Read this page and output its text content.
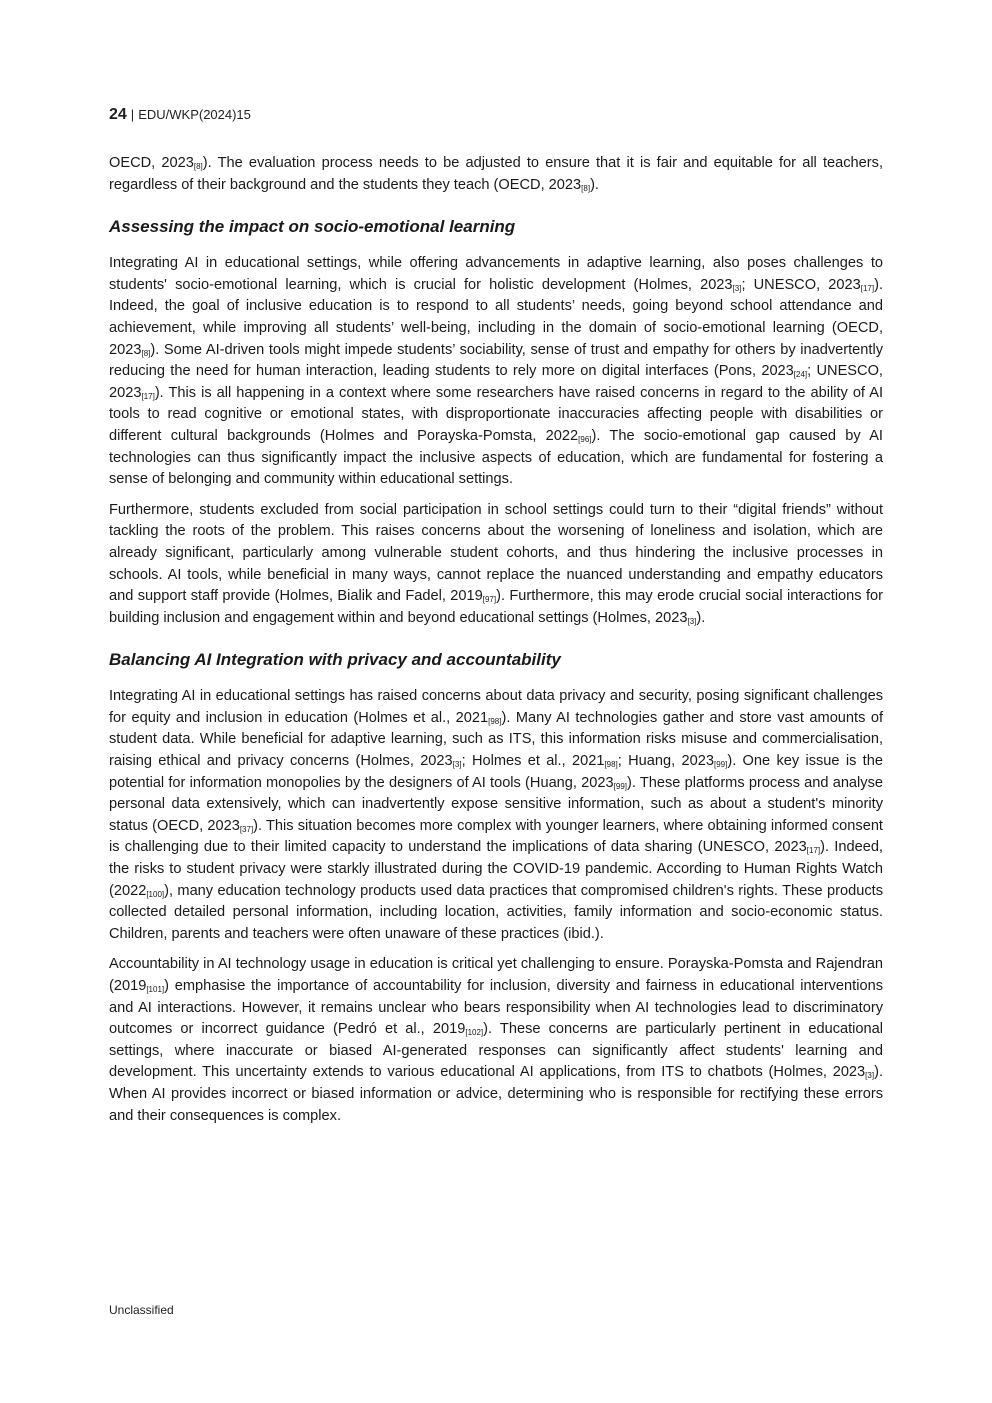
24 | EDU/WKP(2024)15

OECD, 2023[8]). The evaluation process needs to be adjusted to ensure that it is fair and equitable for all teachers, regardless of their background and the students they teach (OECD, 2023[8]).

Assessing the impact on socio-emotional learning

Integrating AI in educational settings, while offering advancements in adaptive learning, also poses challenges to students' socio-emotional learning, which is crucial for holistic development (Holmes, 2023[3]; UNESCO, 2023[17]). Indeed, the goal of inclusive education is to respond to all students’ needs, going beyond school attendance and achievement, while improving all students’ well-being, including in the domain of socio-emotional learning (OECD, 2023[8]). Some AI-driven tools might impede students’ sociability, sense of trust and empathy for others by inadvertently reducing the need for human interaction, leading students to rely more on digital interfaces (Pons, 2023[24]; UNESCO, 2023[17]). This is all happening in a context where some researchers have raised concerns in regard to the ability of AI tools to read cognitive or emotional states, with disproportionate inaccuracies affecting people with disabilities or different cultural backgrounds (Holmes and Porayska-Pomsta, 2022[96]). The socio-emotional gap caused by AI technologies can thus significantly impact the inclusive aspects of education, which are fundamental for fostering a sense of belonging and community within educational settings.

Furthermore, students excluded from social participation in school settings could turn to their “digital friends” without tackling the roots of the problem. This raises concerns about the worsening of loneliness and isolation, which are already significant, particularly among vulnerable student cohorts, and thus hindering the inclusive processes in schools. AI tools, while beneficial in many ways, cannot replace the nuanced understanding and empathy educators and support staff provide (Holmes, Bialik and Fadel, 2019[97]). Furthermore, this may erode crucial social interactions for building inclusion and engagement within and beyond educational settings (Holmes, 2023[3]).

Balancing AI Integration with privacy and accountability

Integrating AI in educational settings has raised concerns about data privacy and security, posing significant challenges for equity and inclusion in education (Holmes et al., 2021[98]). Many AI technologies gather and store vast amounts of student data. While beneficial for adaptive learning, such as ITS, this information risks misuse and commercialisation, raising ethical and privacy concerns (Holmes, 2023[3]; Holmes et al., 2021[98]; Huang, 2023[99]). One key issue is the potential for information monopolies by the designers of AI tools (Huang, 2023[99]). These platforms process and analyse personal data extensively, which can inadvertently expose sensitive information, such as about a student's minority status (OECD, 2023[37]). This situation becomes more complex with younger learners, where obtaining informed consent is challenging due to their limited capacity to understand the implications of data sharing (UNESCO, 2023[17]). Indeed, the risks to student privacy were starkly illustrated during the COVID-19 pandemic. According to Human Rights Watch (2022[100]), many education technology products used data practices that compromised children's rights. These products collected detailed personal information, including location, activities, family information and socio-economic status. Children, parents and teachers were often unaware of these practices (ibid.).

Accountability in AI technology usage in education is critical yet challenging to ensure. Porayska-Pomsta and Rajendran (2019[101]) emphasise the importance of accountability for inclusion, diversity and fairness in educational interventions and AI interactions. However, it remains unclear who bears responsibility when AI technologies lead to discriminatory outcomes or incorrect guidance (Pedró et al., 2019[102]). These concerns are particularly pertinent in educational settings, where inaccurate or biased AI-generated responses can significantly affect students' learning and development. This uncertainty extends to various educational AI applications, from ITS to chatbots (Holmes, 2023[3]). When AI provides incorrect or biased information or advice, determining who is responsible for rectifying these errors and their consequences is complex.

Unclassified
